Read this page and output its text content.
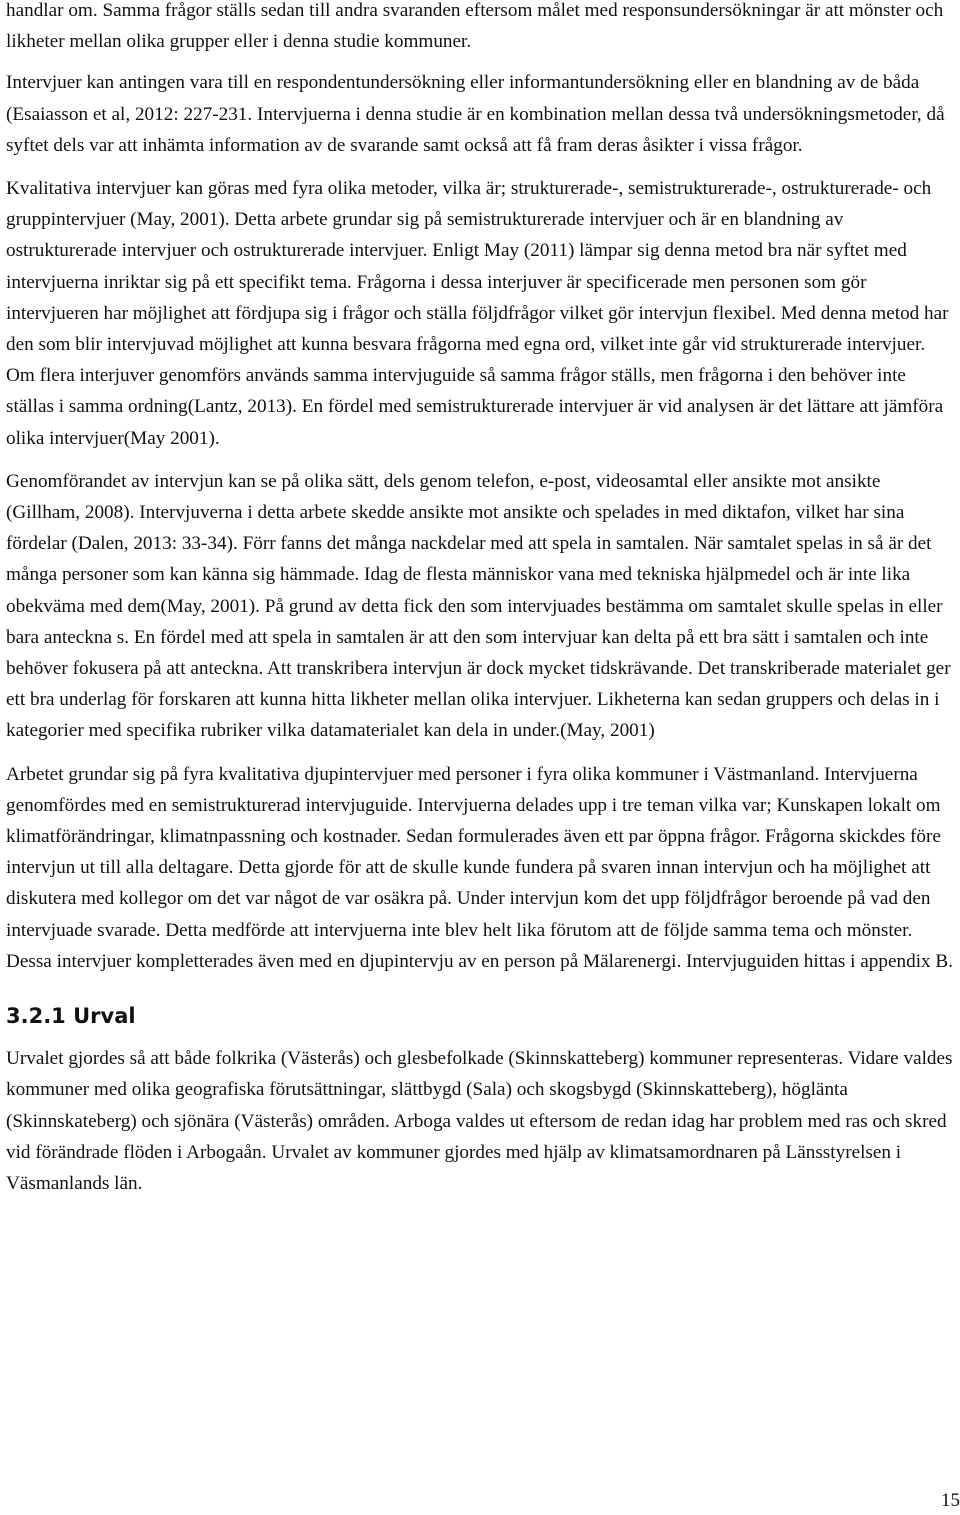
handlar om. Samma frågor ställs sedan till andra svaranden eftersom målet med responsundersökningar är att mönster och likheter mellan olika grupper eller i denna studie kommuner.

Intervjuer kan antingen vara till en respondentundersökning eller informantundersökning eller en blandning av de båda (Esaiasson et al, 2012: 227-231. Intervjuerna i denna studie är en kombination mellan dessa två undersökningsmetoder, då syftet dels var att inhämta information av de svarande samt också att få fram deras åsikter i vissa frågor.

Kvalitativa intervjuer kan göras med fyra olika metoder, vilka är; strukturerade-, semistrukturerade-, ostrukturerade- och gruppintervjuer (May, 2001). Detta arbete grundar sig på semistrukturerade intervjuer och är en blandning av ostrukturerade intervjuer och ostrukturerade intervjuer. Enligt May (2011) lämpar sig denna metod bra när syftet med intervjuerna inriktar sig på ett specifikt tema. Frågorna i dessa interjuver är specificerade men personen som gör intervjueren har möjlighet att fördjupa sig i frågor och ställa följdfrågor vilket gör intervjun flexibel. Med denna metod har den som blir intervjuvad möjlighet att kunna besvara frågorna med egna ord, vilket inte går vid strukturerade intervjuer. Om flera interjuver genomförs används samma intervjuguide så samma frågor ställs, men frågorna i den behöver inte ställas i samma ordning(Lantz, 2013). En fördel med semistrukturerade intervjuer är vid analysen är det lättare att jämföra olika intervjuer(May 2001).

Genomförandet av intervjun kan se på olika sätt, dels genom telefon, e-post, videosamtal eller ansikte mot ansikte (Gillham, 2008). Intervjuverna i detta arbete skedde ansikte mot ansikte och spelades in med diktafon, vilket har sina fördelar (Dalen, 2013: 33-34). Förr fanns det många nackdelar med att spela in samtalen. När samtalet spelas in så är det många personer som kan känna sig hämmade. Idag de flesta människor vana med tekniska hjälpmedel och är inte lika obekväma med dem(May, 2001). På grund av detta fick den som intervjuades bestämma om samtalet skulle spelas in eller bara anteckna s. En fördel med att spela in samtalen är att den som intervjuar kan delta på ett bra sätt i samtalen och inte behöver fokusera på att anteckna. Att transkribera intervjun är dock mycket tidskrävande. Det transkriberade materialet ger ett bra underlag för forskaren att kunna hitta likheter mellan olika intervjuer. Likheterna kan sedan gruppers och delas in i kategorier med specifika rubriker vilka datamaterialet kan dela in under.(May, 2001)

Arbetet grundar sig på fyra kvalitativa djupintervjuer med personer i fyra olika kommuner i Västmanland. Intervjuerna genomfördes med en semistrukturerad intervjuguide. Intervjuerna delades upp i tre teman vilka var; Kunskapen lokalt om klimatförändringar, klimatnpassning och kostnader. Sedan formulerades även ett par öppna frågor. Frågorna skickdes före intervjun ut till alla deltagare. Detta gjorde för att de skulle kunde fundera på svaren innan intervjun och ha möjlighet att diskutera med kollegor om det var något de var osäkra på. Under intervjun kom det upp följdfrågor beroende på vad den intervjuade svarade. Detta medförde att intervjuerna inte blev helt lika förutom att de följde samma tema och mönster. Dessa intervjuer kompletterades även med en djupintervju av en person på Mälarenergi. Intervjuguiden hittas i appendix B.

3.2.1 Urval

Urvalet gjordes så att både folkrika (Västerås) och glesbefolkade (Skinnskatteberg) kommuner representeras. Vidare valdes kommuner med olika geografiska förutsättningar, slättbygd (Sala) och skogsbygd (Skinnskatteberg), höglänta (Skinnskateberg) och sjönära (Västerås) områden. Arboga valdes ut eftersom de redan idag har problem med ras och skred vid förändrade flöden i Arbogaån. Urvalet av kommuner gjordes med hjälp av klimatsamordnaren på Länsstyrelsen i Väsmanlands län.

15
